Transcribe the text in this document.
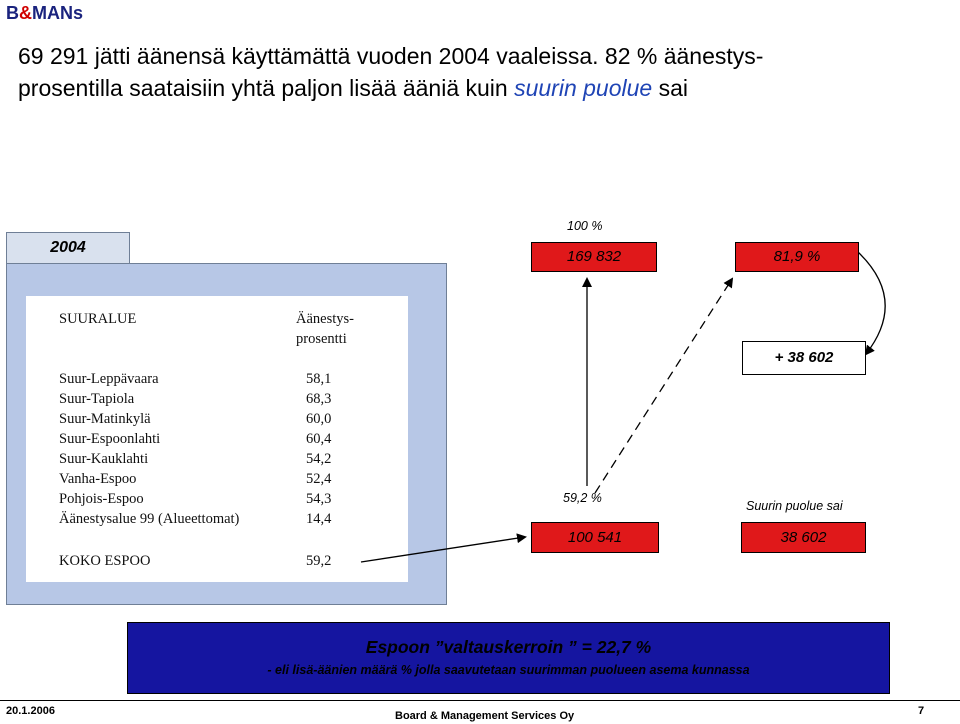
B&MANs
69 291 jätti äänensä käyttämättä vuoden 2004 vaaleissa. 82 % äänestys-
prosentilla saataisiin yhtä paljon lisää ääniä kuin suurin puolue sai
2004
SUURALUE	Äänestys-
prosentti
Suur-Leppävaara	58,1
Suur-Tapiola	68,3
Suur-Matinkylä	60,0
Suur-Espoonlahti	60,4
Suur-Kauklahti	54,2
Vanha-Espoo	52,4
Pohjois-Espoo	54,3
Äänestysalue 99 (Alueettomat)	14,4
KOKO ESPOO	59,2
100 %
169 832	81,9 %
+ 38 602
59,2 %
Suurin puolue sai
100 541	38 602
Espoon ”valtauskerroin ” = 22,7 %
- eli lisä-äänien määrä % jolla saavutetaan suurimman puolueen asema kunnassa
20.1.2006	Board & Management Services Oy	7
